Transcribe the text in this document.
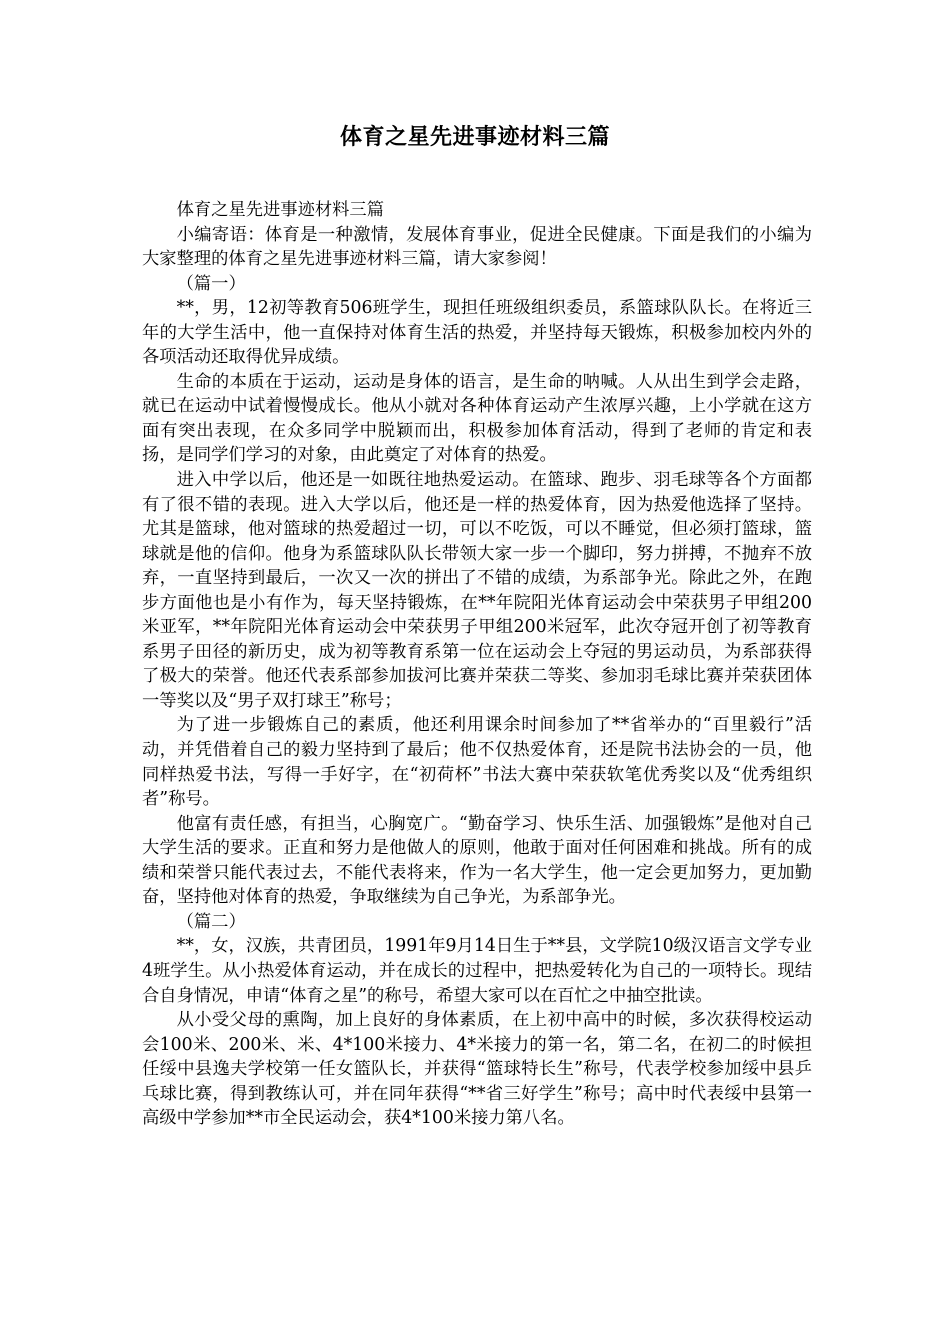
体育之星先进事迹材料三篇

体育之星先进事迹材料三篇

小编寄语：体育是一种激情，发展体育事业，促进全民健康。下面是我们的小编为大家整理的体育之星先进事迹材料三篇，请大家参阅！

（篇一）

**，男，12初等教育506班学生，现担任班级组织委员，系篮球队队长。在将近三年的大学生活中，他一直保持对体育生活的热爱，并坚持每天锻炼，积极参加校内外的各项活动还取得优异成绩。

生命的本质在于运动，运动是身体的语言，是生命的呐喊。人从出生到学会走路，就已在运动中试着慢慢成长。他从小就对各种体育运动产生浓厚兴趣，上小学就在这方面有突出表现，在众多同学中脱颖而出，积极参加体育活动，得到了老师的肯定和表扬，是同学们学习的对象，由此奠定了对体育的热爱。

进入中学以后，他还是一如既往地热爱运动。在篮球、跑步、羽毛球等各个方面都有了很不错的表现。进入大学以后，他还是一样的热爱体育，因为热爱他选择了坚持。尤其是篮球，他对篮球的热爱超过一切，可以不吃饭，可以不睡觉，但必须打篮球，篮球就是他的信仰。他身为系篮球队队长带领大家一步一个脚印，努力拼搏，不抛弃不放弃，一直坚持到最后，一次又一次的拼出了不错的成绩，为系部争光。除此之外，在跑步方面他也是小有作为，每天坚持锻炼，在**年院阳光体育运动会中荣获男子甲组200米亚军，**年院阳光体育运动会中荣获男子甲组200米冠军，此次夺冠开创了初等教育系男子田径的新历史，成为初等教育系第一位在运动会上夺冠的男运动员，为系部获得了极大的荣誉。他还代表系部参加拔河比赛并荣获二等奖、参加羽毛球比赛并荣获团体一等奖以及“男子双打球王”称号；

为了进一步锻炼自己的素质，他还利用课余时间参加了**省举办的“百里毅行”活动，并凭借着自己的毅力坚持到了最后；他不仅热爱体育，还是院书法协会的一员，他同样热爱书法，写得一手好字，在“初荷杯”书法大赛中荣获软笔优秀奖以及“优秀组织者”称号。

他富有责任感，有担当，心胸宽广。“勤奋学习、快乐生活、加强锻炼”是他对自己大学生活的要求。正直和努力是他做人的原则，他敢于面对任何困难和挑战。所有的成绩和荣誉只能代表过去，不能代表将来，作为一名大学生，他一定会更加努力，更加勤奋，坚持他对体育的热爱，争取继续为自己争光，为系部争光。

（篇二）

**，女，汉族，共青团员，1991年9月14日生于**县，文学院10级汉语言文学专业4班学生。从小热爱体育运动，并在成长的过程中，把热爱转化为自己的一项特长。现结合自身情况，申请“体育之星”的称号，希望大家可以在百忙之中抽空批读。

从小受父母的熏陶，加上良好的身体素质，在上初中高中的时候，多次获得校运动会100米、200米、米、4*100米接力、4*米接力的第一名，第二名，在初二的时候担任绥中县逸夫学校第一任女篮队长，并获得“篮球特长生”称号，代表学校参加绥中县乒乓球比赛，得到教练认可，并在同年获得“**省三好学生”称号；高中时代表绥中县第一高级中学参加**市全民运动会，获4*100米接力第八名。
